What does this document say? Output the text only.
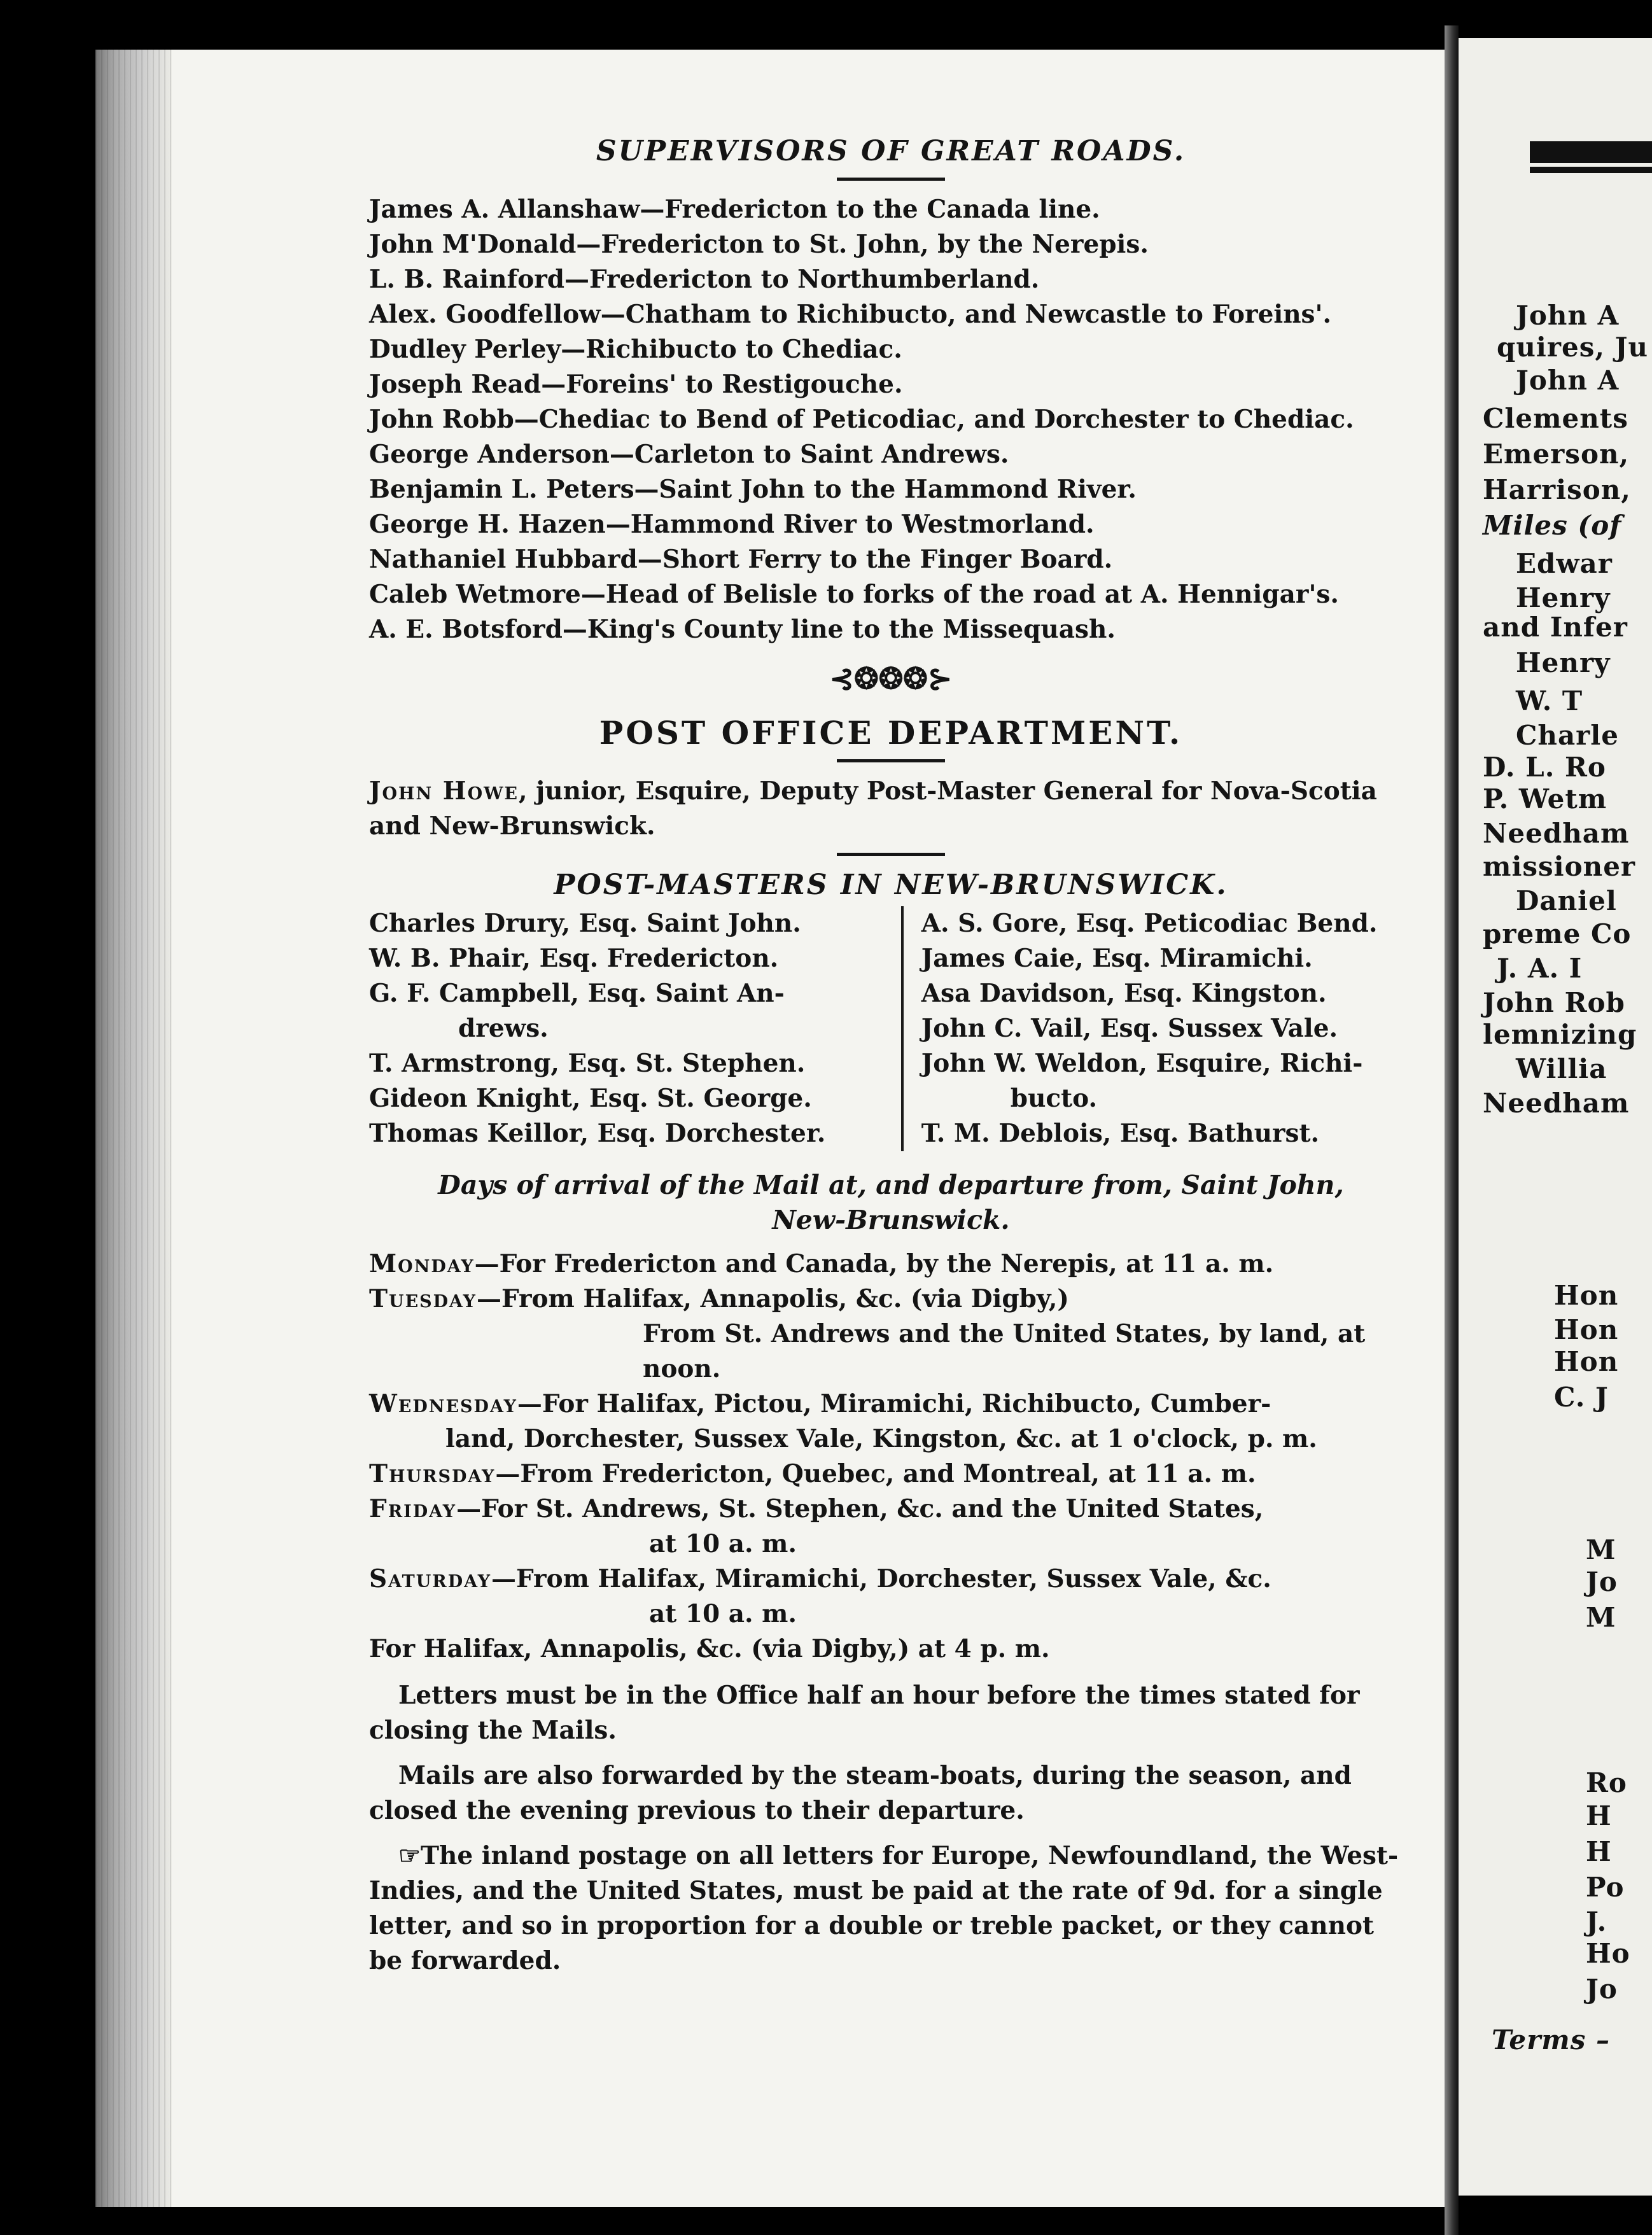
John A
quires, Ju
John A
Clements
Emerson,
Harrison,
Miles (of
Edwar
Henry
and Infer
Henry
W. T
Charle
D. L. Ro
P. Wetm
Needham
missioner
Daniel
preme Co
J. A. I
John Rob
lemnizing
Willia
Needham
Hon
Hon
Hon
C. J
M
Jo
M
Ro
H
H
Po
J.
Ho
Jo
Terms –
SUPERVISORS OF GREAT ROADS.

James A. Allanshaw—Fredericton to the Canada line.

John M'Donald—Fredericton to St. John, by the Nerepis.

L. B. Rainford—Fredericton to Northumberland.

Alex. Goodfellow—Chatham to Richibucto, and Newcastle to Foreins'.

Dudley Perley—Richibucto to Chediac.

Joseph Read—Foreins' to Restigouche.

John Robb—Chediac to Bend of Peticodiac, and Dorchester to Chediac.

George Anderson—Carleton to Saint Andrews.

Benjamin L. Peters—Saint John to the Hammond River.

George H. Hazen—Hammond River to Westmorland.

Nathaniel Hubbard—Short Ferry to the Finger Board.

Caleb Wetmore—Head of Belisle to forks of the road at A. Hennigar's.

A. E. Botsford—King's County line to the Missequash.

⊰❂❂❂⊱
POST OFFICE DEPARTMENT.

John Howe, junior, Esquire, Deputy Post-Master General for Nova-Scotia and New-Brunswick.

POST-MASTERS IN NEW-BRUNSWICK.

Charles Drury, Esq. Saint John.

W. B. Phair, Esq. Fredericton.

G. F. Campbell, Esq. Saint An-

drews.

T. Armstrong, Esq. St. Stephen.

Gideon Knight, Esq. St. George.

Thomas Keillor, Esq. Dorchester.

A. S. Gore, Esq. Peticodiac Bend.

James Caie, Esq. Miramichi.

Asa Davidson, Esq. Kingston.

John C. Vail, Esq. Sussex Vale.

John W. Weldon, Esquire, Richi-

bucto.

T. M. Deblois, Esq. Bathurst.

Days of arrival of the Mail at, and departure from, Saint John,
New-Brunswick.

Monday—For Fredericton and Canada, by the Nerepis, at 11 a. m.

Tuesday—From Halifax, Annapolis, &c. (via Digby,)
From St. Andrews and the United States, by land, at noon.

Wednesday—For Halifax, Pictou, Miramichi, Richibucto, Cumber-
land, Dorchester, Sussex Vale, Kingston, &c. at 1 o'clock, p. m.

Thursday—From Fredericton, Quebec, and Montreal, at 11 a. m.

Friday—For St. Andrews, St. Stephen, &c. and the United States,
at 10 a. m.

Saturday—From Halifax, Miramichi, Dorchester, Sussex Vale, &c.
at 10 a. m.

For Halifax, Annapolis, &c. (via Digby,) at 4 p. m.

Letters must be in the Office half an hour before the times stated for closing the Mails.

Mails are also forwarded by the steam-boats, during the season, and closed the evening previous to their departure.

☞The inland postage on all letters for Europe, Newfoundland, the West-Indies, and the United States, must be paid at the rate of 9d. for a single letter, and so in proportion for a double or treble packet, or they cannot be forwarded.
